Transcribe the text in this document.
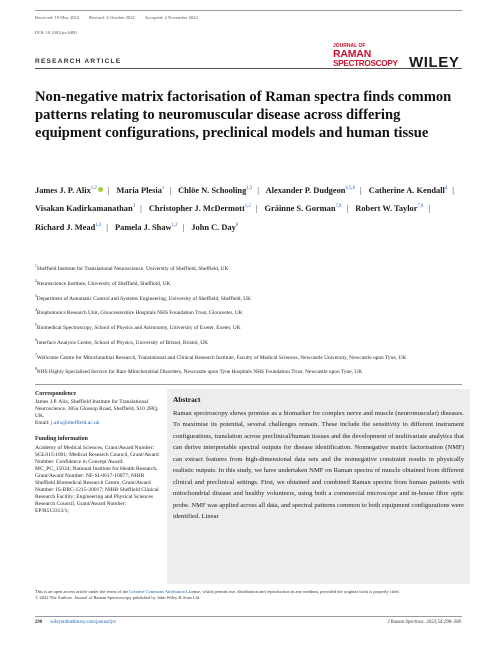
Received: 18 May 2022 Revised: 4 October 2022 Accepted: 2 November 2022
DOI: 10.1002/jrs.6480
JOURNAL OF
RAMAN
SPECTROSCOPY WILEY
RESEARCH ARTICLE
Non-negative matrix factorisation of Raman spectra finds common patterns relating to neuromuscular disease across differing equipment configurations, preclinical models and human tissue
James J. P. Alix$^{1,2}$ | Maria Plesia$^1$ | Chlöe N. Schooling$^{1,3}$ | Alexander P. Dudgeon$^{4,5,6}$ | Catherine A. Kendall$^4$ | Visakan Kadirkamanathan$^3$ | Christopher J. McDermott$^{1,2}$ | Gráinne S. Gorman$^{7,8}$ | Robert W. Taylor$^{7,8}$ | Richard J. Mead$^{1,2}$ | Pamela J. Shaw$^{1,2}$ | John C. Day$^6$
$^1$Sheffield Institute for Translational Neuroscience, University of Sheffield, Sheffield, UK
$^2$Neuroscience Institute, University of Sheffield, Sheffield, UK
$^3$Department of Automatic Control and Systems Engineering, University of Sheffield, Sheffield, UK
$^4$Biophotonics Research Unit, Gloucestershire Hospitals NHS Foundation Trust, Gloucester, UK
$^5$Biomedical Spectroscopy, School of Physics and Astronomy, University of Exeter, Exeter, UK
$^6$Interface Analysis Centre, School of Physics, University of Bristol, Bristol, UK
$^7$Wellcome Centre for Mitochondrial Research, Translational and Clinical Research Institute, Faculty of Medical Sciences, Newcastle University, Newcastle upon Tyne, UK
$^8$NHS Highly Specialised Service for Rare Mitochondrial Disorders, Newcastle upon Tyne Hospitals NHS Foundation Trust, Newcastle upon Tyne, UK
Correspondence
James J.P. Alix, Sheffield Institute for Translational Neuroscience, 385a Glossop Road, Sheffield, S10 2HQ, UK.
Email: j.alix@sheffield.ac.uk
Funding information
Academy of Medical Sciences, Grant/Award Number: SGL015\1001; Medical Research Council, Grant/Award Number: Confidence in Concept Award: MC_PC_15034; National Institute for Health Research, Grant/Award Number: NF-SI-0617-10077; NIHR Sheffield Biomedical Research Centre, Grant/Award Number: IS-BRC-1215-20017; NIHR Sheffield Clinical Research Facility; Engineering and Physical Sciences Research Council, Grant/Award Number: EP/R513313/1;
Abstract
Raman spectroscopy shows promise as a biomarker for complex nerve and muscle (neuromuscular) diseases. To maximise its potential, several challenges remain. These include the sensitivity to different instrument configurations, translation across preclinical/human tissues and the development of multivariate analytics that can derive interpretable spectral outputs for disease identification. Nonnegative matrix factorisation (NMF) can extract features from high-dimensional data sets and the nonnegative constraint results in physically realistic outputs. In this study, we have undertaken NMF on Raman spectra of muscle obtained from different clinical and preclinical settings. First, we obtained and combined Raman spectra from human patients with mitochondrial disease and healthy volunteers, using both a commercial microscope and in-house fibre optic probe. NMF was applied across all data, and spectral patterns common to both equipment configurations were identified. Linear
This is an open access article under the terms of the Creative Commons Attribution License, which permits use, distribution and reproduction in any medium, provided the original work is properly cited.
© 2022 The Authors. Journal of Raman Spectroscopy published by John Wiley & Sons Ltd.
298 wileyonlinelibrary.com/journal/jrs	J Raman Spectrosc. 2023;54:298–308.
